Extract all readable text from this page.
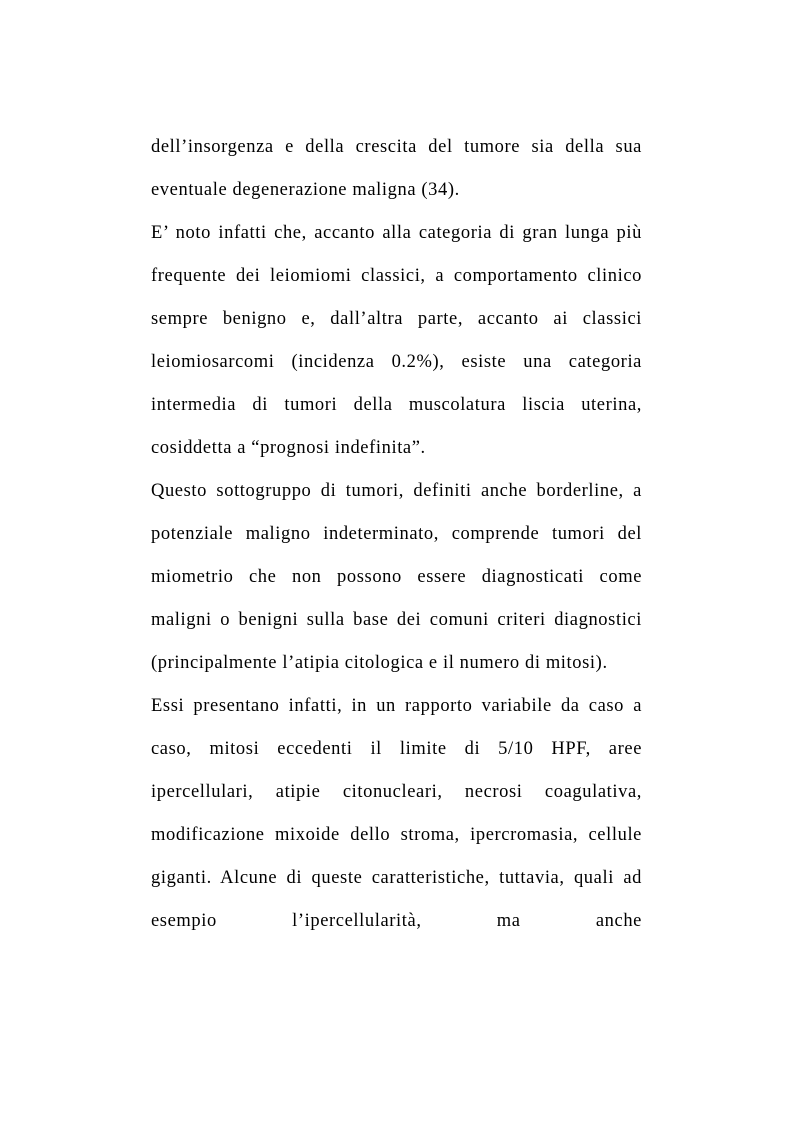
dell’insorgenza e della crescita del tumore sia della sua eventuale degenerazione maligna (34).

E’ noto infatti che, accanto alla categoria di gran lunga più frequente dei leiomiomi classici, a comportamento clinico sempre benigno e, dall’altra parte, accanto ai classici leiomiosarcomi (incidenza 0.2%), esiste una categoria intermedia di tumori della muscolatura liscia uterina, cosiddetta a “prognosi indefinita”.

Questo sottogruppo di tumori, definiti anche borderline, a potenziale maligno indeterminato, comprende tumori del miometrio che non possono essere diagnosticati come maligni o benigni sulla base dei comuni criteri diagnostici (principalmente l’atipia citologica e il numero di mitosi).

Essi presentano infatti, in un rapporto variabile da caso a caso, mitosi eccedenti il limite di 5/10 HPF, aree ipercellulari, atipie citonucleari, necrosi coagulativa, modificazione mixoide dello stroma, ipercromasia, cellule giganti. Alcune di queste caratteristiche, tuttavia, quali ad esempio l’ipercellularità, ma anche
